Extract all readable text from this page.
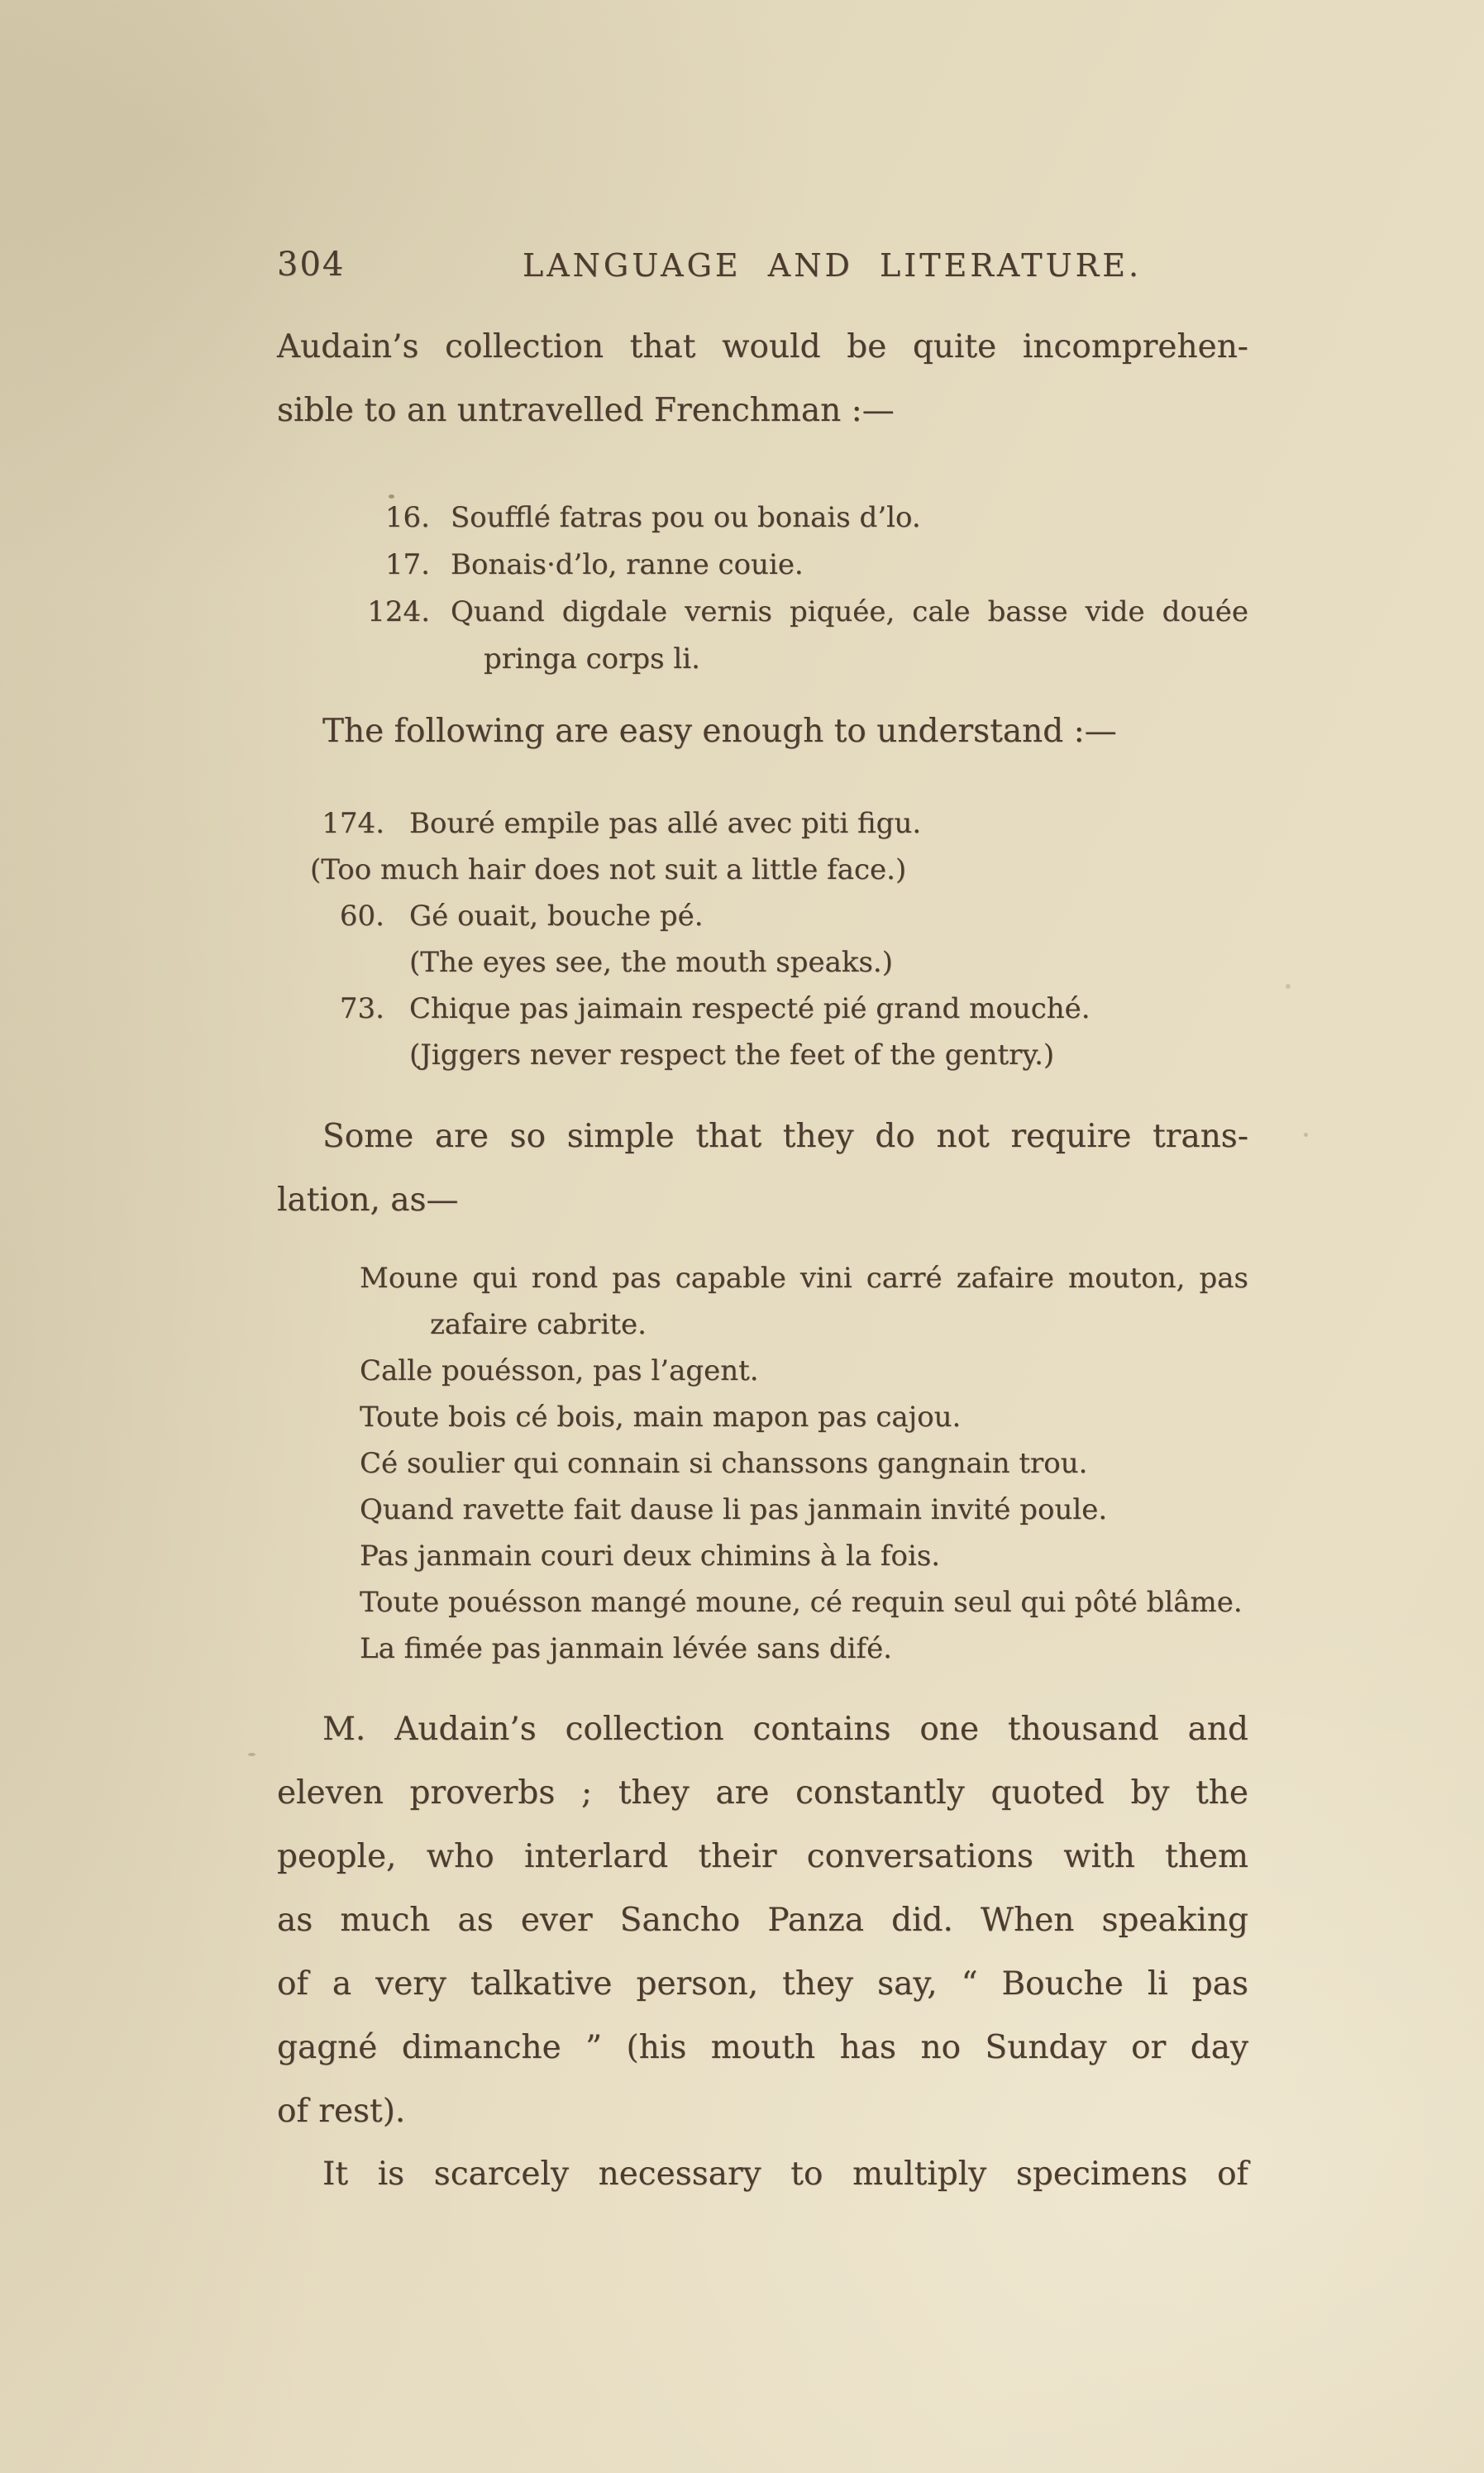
304	LANGUAGE AND LITERATURE.
Audain’s collection that would be quite incomprehen-
sible to an untravelled Frenchman :—
16. Soufflé fatras pou ou bonais d’lo.
17. Bonais·d’lo, ranne couie.
124. Quand digdale vernis piquée, cale basse vide douée
pringa corps li.
The following are easy enough to understand :—
174. Bouré empile pas allé avec piti figu.
(Too much hair does not suit a little face.)
60. Gé ouait, bouche pé.
(The eyes see, the mouth speaks.)
73. Chique pas jaimain respecté pié grand mouché.
(Jiggers never respect the feet of the gentry.)
Some are so simple that they do not require trans-
lation, as—
Moune qui rond pas capable vini carré zafaire mouton, pas
zafaire cabrite.
Calle pouésson, pas l’agent.
Toute bois cé bois, main mapon pas cajou.
Cé soulier qui connain si chanssons gangnain trou.
Quand ravette fait dause li pas janmain invité poule.
Pas janmain couri deux chimins à la fois.
Toute pouésson mangé moune, cé requin seul qui pôté blâme.
La fimée pas janmain lévée sans difé.
M. Audain’s collection contains one thousand and
eleven proverbs ; they are constantly quoted by the
people, who interlard their conversations with them
as much as ever Sancho Panza did. When speaking
of a very talkative person, they say, “ Bouche li pas
gagné dimanche ” (his mouth has no Sunday or day
of rest).
It is scarcely necessary to multiply specimens of
